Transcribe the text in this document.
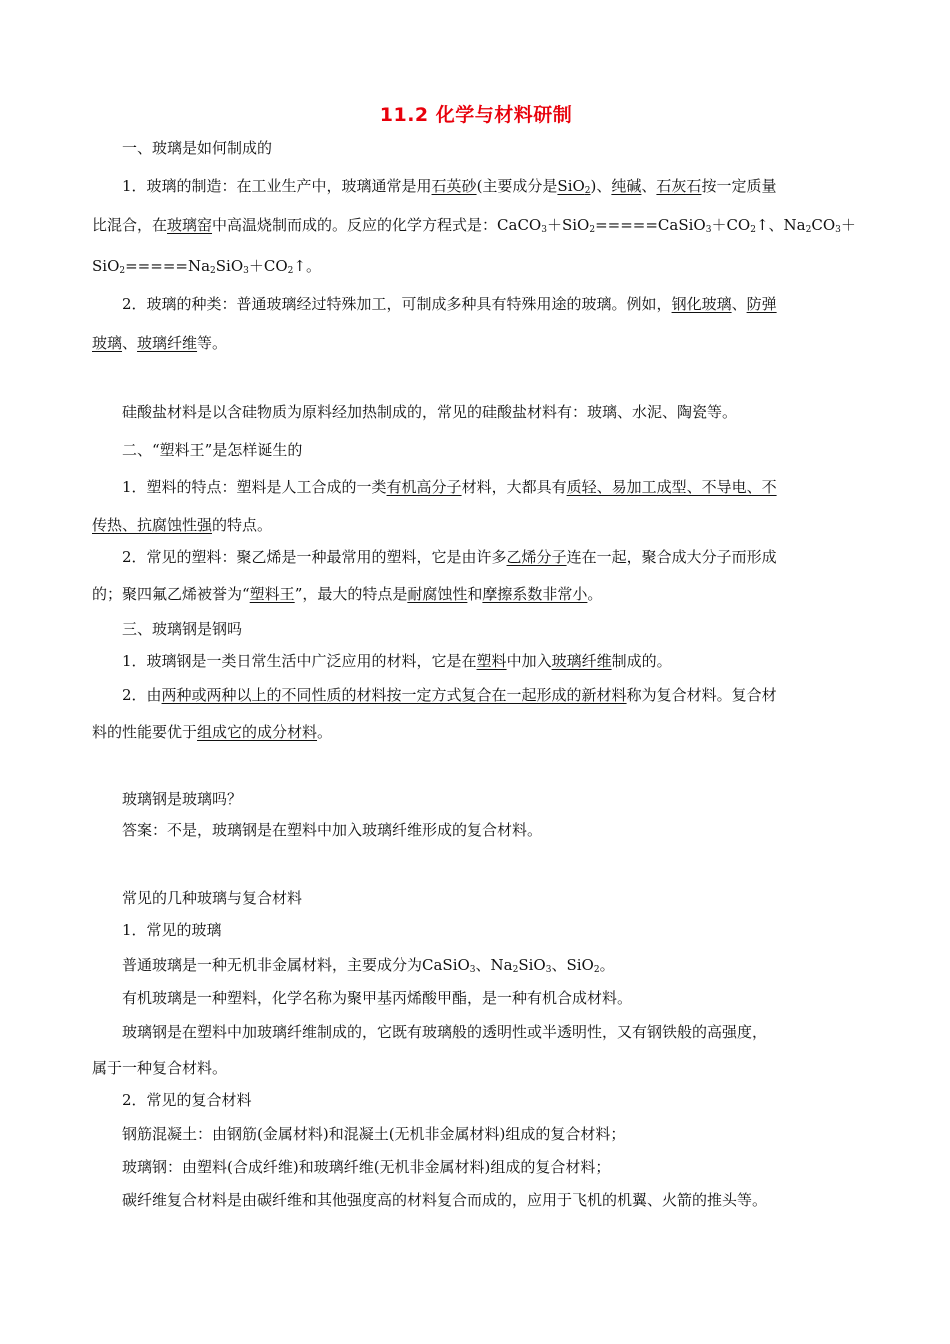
11.2 化学与材料研制
一、玻璃是如何制成的
1．玻璃的制造：在工业生产中，玻璃通常是用石英砂(主要成分是SiO$_2$)、纯碱、石灰石按一定质量
比混合，在玻璃窑中高温烧制而成的。反应的化学方程式是：$CaCO_3+SiO_2=====CaSiO_3+CO_2↑$、$Na_2CO_3+$
$SiO_2=====Na_2SiO_3+CO_2↑$。
2．玻璃的种类：普通玻璃经过特殊加工，可制成多种具有特殊用途的玻璃。例如，钢化玻璃、防弹
玻璃、玻璃纤维等。
硅酸盐材料是以含硅物质为原料经加热制成的，常见的硅酸盐材料有：玻璃、水泥、陶瓷等。
二、“塑料王”是怎样诞生的
1．塑料的特点：塑料是人工合成的一类有机高分子材料，大都具有质轻、易加工成型、不导电、不
传热、抗腐蚀性强的特点。
2．常见的塑料：聚乙烯是一种最常用的塑料，它是由许多乙烯分子连在一起，聚合成大分子而形成
的；聚四氟乙烯被誉为“塑料王”，最大的特点是耐腐蚀性和摩擦系数非常小。
三、玻璃钢是钢吗
1．玻璃钢是一类日常生活中广泛应用的材料，它是在塑料中加入玻璃纤维制成的。
2．由两种或两种以上的不同性质的材料按一定方式复合在一起形成的新材料称为复合材料。复合材
料的性能要优于组成它的成分材料。
玻璃钢是玻璃吗？
答案：不是，玻璃钢是在塑料中加入玻璃纤维形成的复合材料。
常见的几种玻璃与复合材料
1．常见的玻璃
普通玻璃是一种无机非金属材料，主要成分为CaSiO$_3$、$Na_2SiO_3$、SiO$_2$。
有机玻璃是一种塑料，化学名称为聚甲基丙烯酸甲酯，是一种有机合成材料。
玻璃钢是在塑料中加玻璃纤维制成的，它既有玻璃般的透明性或半透明性，又有钢铁般的高强度，
属于一种复合材料。
2．常见的复合材料
钢筋混凝土：由钢筋(金属材料)和混凝土(无机非金属材料)组成的复合材料；
玻璃钢：由塑料(合成纤维)和玻璃纤维(无机非金属材料)组成的复合材料；
碳纤维复合材料是由碳纤维和其他强度高的材料复合而成的，应用于飞机的机翼、火箭的推头等。
